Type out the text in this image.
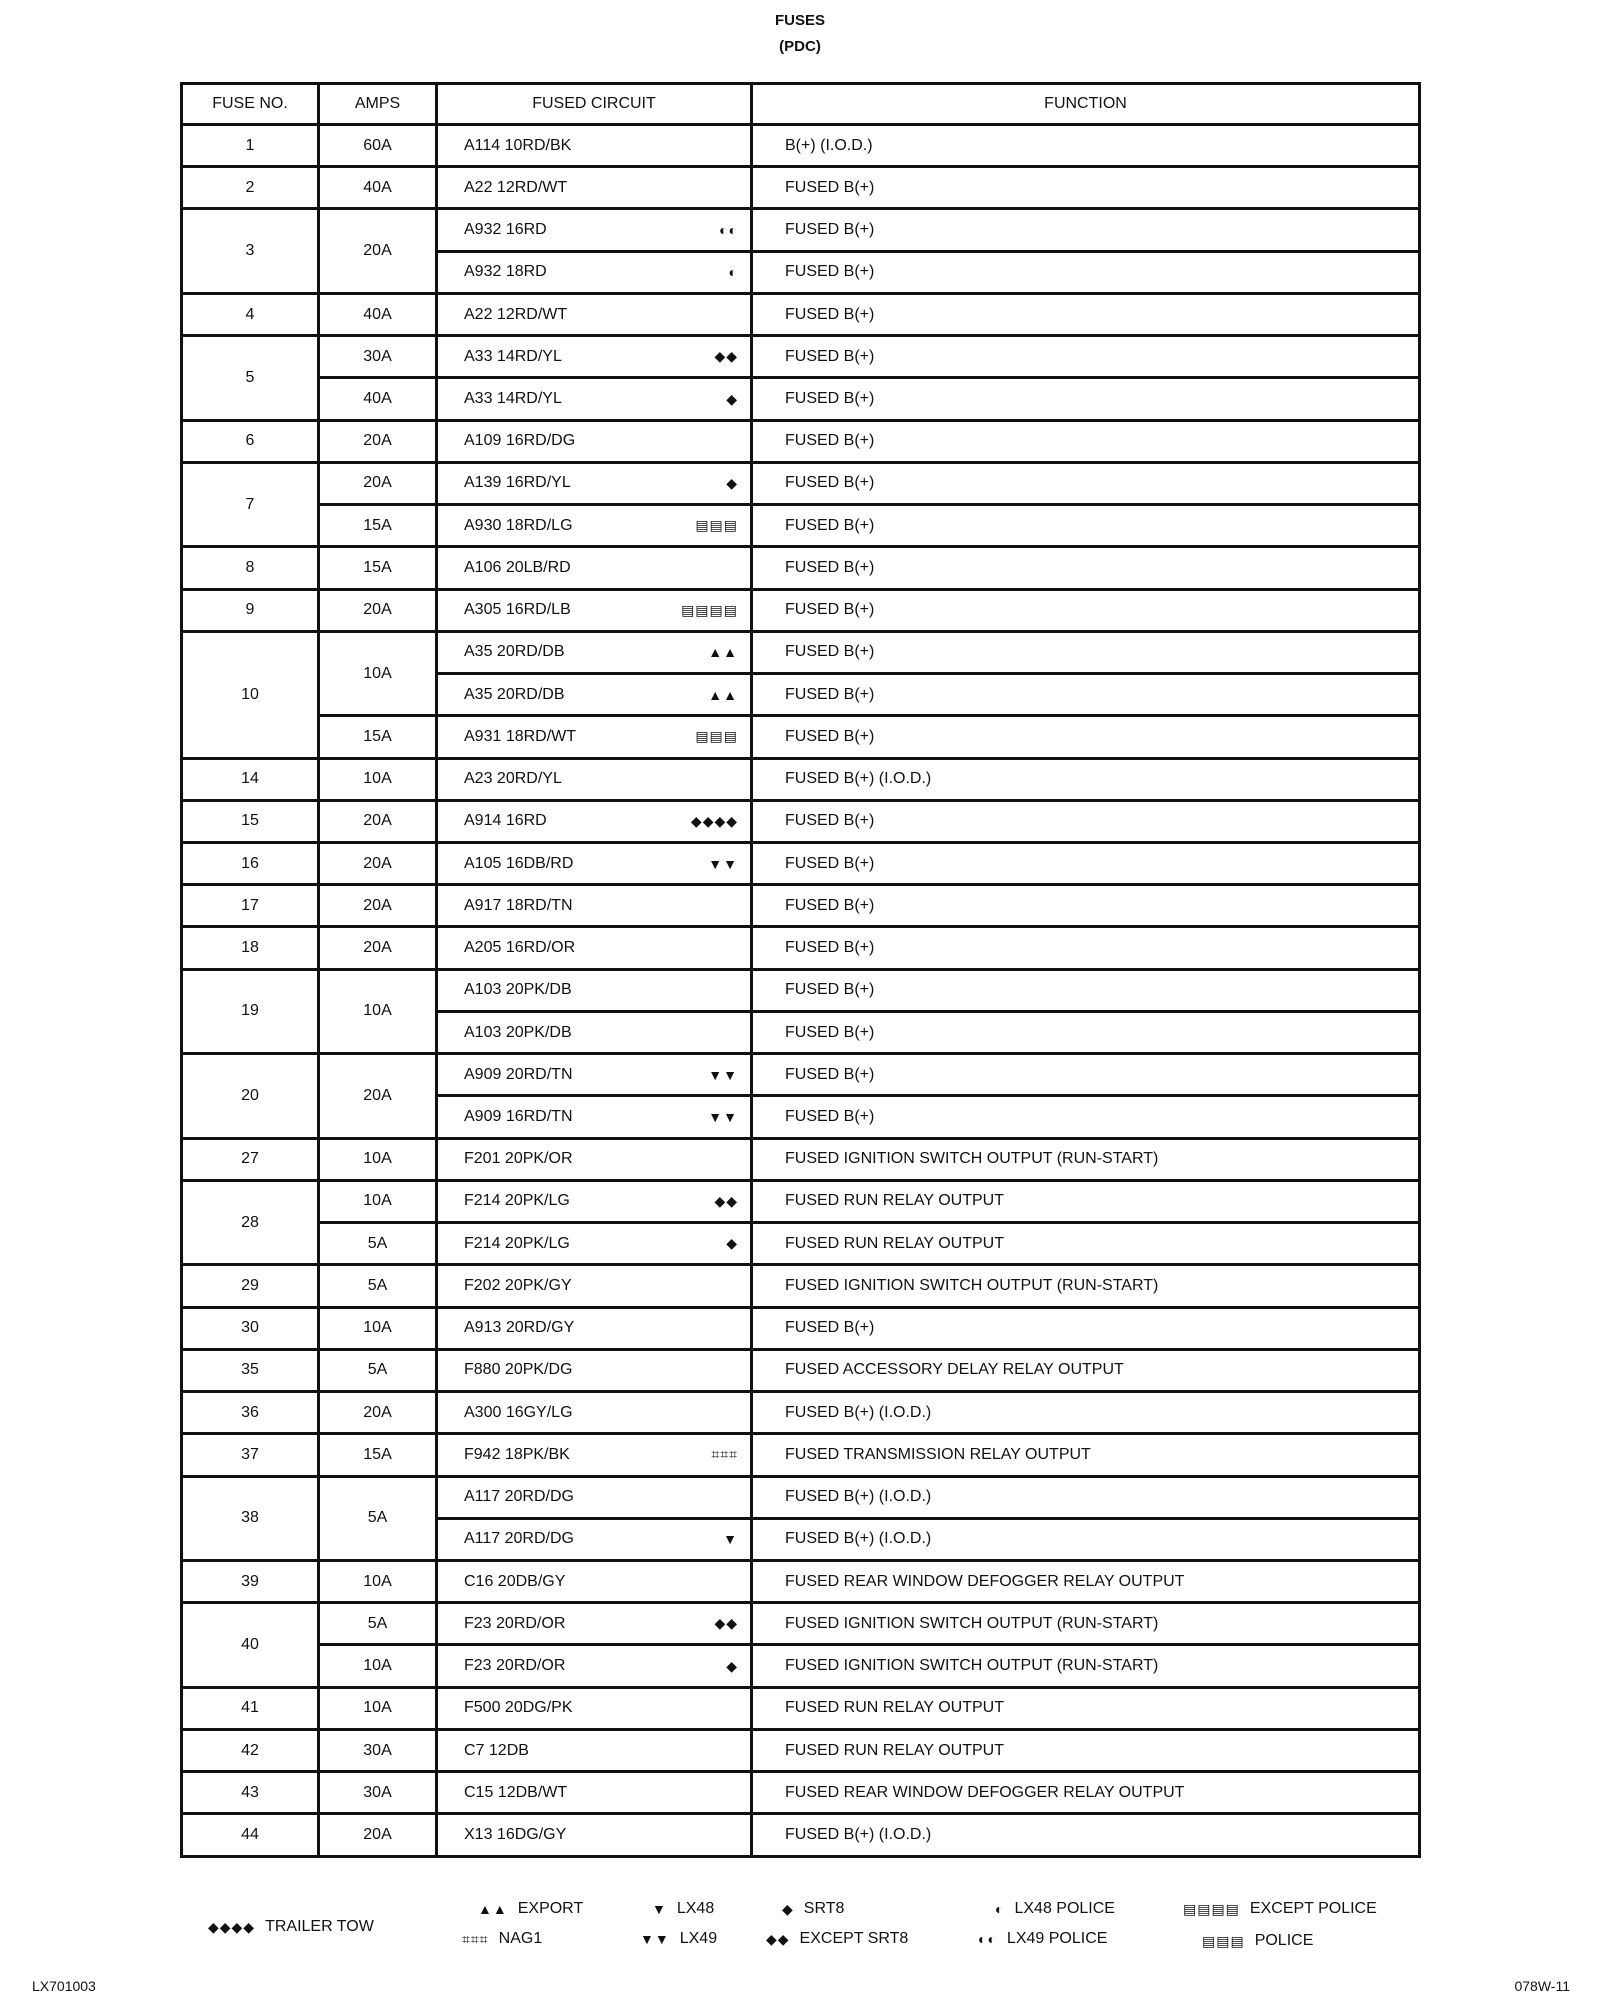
FUSES
(PDC)
FUSE NO.	AMPS	FUSED CIRCUIT	FUNCTION
1	60A	A114 10RD/BK	B(+) (I.O.D.)
2	40A	A22 12RD/WT	FUSED B(+)
3	20A	A932 16RD ◐◐	FUSED B(+)

		A932 18RD ◐	FUSED B(+)
4	40A	A22 12RD/WT	FUSED B(+)
5	30A	A33 14RD/YL ◆◆	FUSED B(+)
	40A	A33 14RD/YL ◆	FUSED B(+)
6	20A	A109 16RD/DG	FUSED B(+)
7	20A	A139 16RD/YL ◆	FUSED B(+)
	15A	A930 18RD/LG ▤▤▤	FUSED B(+)
8	15A	A106 20LB/RD	FUSED B(+)
9	20A	A305 16RD/LB ▤▤▤▤	FUSED B(+)
10	10A	A35 20RD/DB ▲▲	FUSED B(+)

		A35 20RD/DB ▲▲	FUSED B(+)
	15A	A931 18RD/WT ▤▤▤	FUSED B(+)
14	10A	A23 20RD/YL	FUSED B(+) (I.O.D.)
15	20A	A914 16RD ◆◆◆◆	FUSED B(+)
16	20A	A105 16DB/RD ▼▼	FUSED B(+)
17	20A	A917 18RD/TN	FUSED B(+)
18	20A	A205 16RD/OR	FUSED B(+)
19	10A	A103 20PK/DB	FUSED B(+)

		A103 20PK/DB	FUSED B(+)
20	20A	A909 20RD/TN ▼▼	FUSED B(+)

		A909 16RD/TN ▼▼	FUSED B(+)
27	10A	F201 20PK/OR	FUSED IGNITION SWITCH OUTPUT (RUN-START)
28	10A	F214 20PK/LG ◆◆	FUSED RUN RELAY OUTPUT
	5A	F214 20PK/LG ◆	FUSED RUN RELAY OUTPUT
29	5A	F202 20PK/GY	FUSED IGNITION SWITCH OUTPUT (RUN-START)
30	10A	A913 20RD/GY	FUSED B(+)
35	5A	F880 20PK/DG	FUSED ACCESSORY DELAY RELAY OUTPUT
36	20A	A300 16GY/LG	FUSED B(+) (I.O.D.)
37	15A	F942 18PK/BK ⌗⌗⌗	FUSED TRANSMISSION RELAY OUTPUT
38	5A	A117 20RD/DG	FUSED B(+) (I.O.D.)

		A117 20RD/DG ▼	FUSED B(+) (I.O.D.)
39	10A	C16 20DB/GY	FUSED REAR WINDOW DEFOGGER RELAY OUTPUT
40	5A	F23 20RD/OR ◆◆	FUSED IGNITION SWITCH OUTPUT (RUN-START)
	10A	F23 20RD/OR ◆	FUSED IGNITION SWITCH OUTPUT (RUN-START)
41	10A	F500 20DG/PK	FUSED RUN RELAY OUTPUT
42	30A	C7 12DB	FUSED RUN RELAY OUTPUT
43	30A	C15 12DB/WT	FUSED REAR WINDOW DEFOGGER RELAY OUTPUT
44	20A	X13 16DG/GY	FUSED B(+) (I.O.D.)
◆◆◆◆ TRAILER TOW
▲▲ EXPORT
⌗⌗⌗ NAG1
▼ LX48
▼▼ LX49
◆ SRT8
◆◆ EXCEPT SRT8
◐ LX48 POLICE
◐◐ LX49 POLICE
▤▤▤▤ EXCEPT POLICE
▤▤▤ POLICE
LX701003	078W-11
